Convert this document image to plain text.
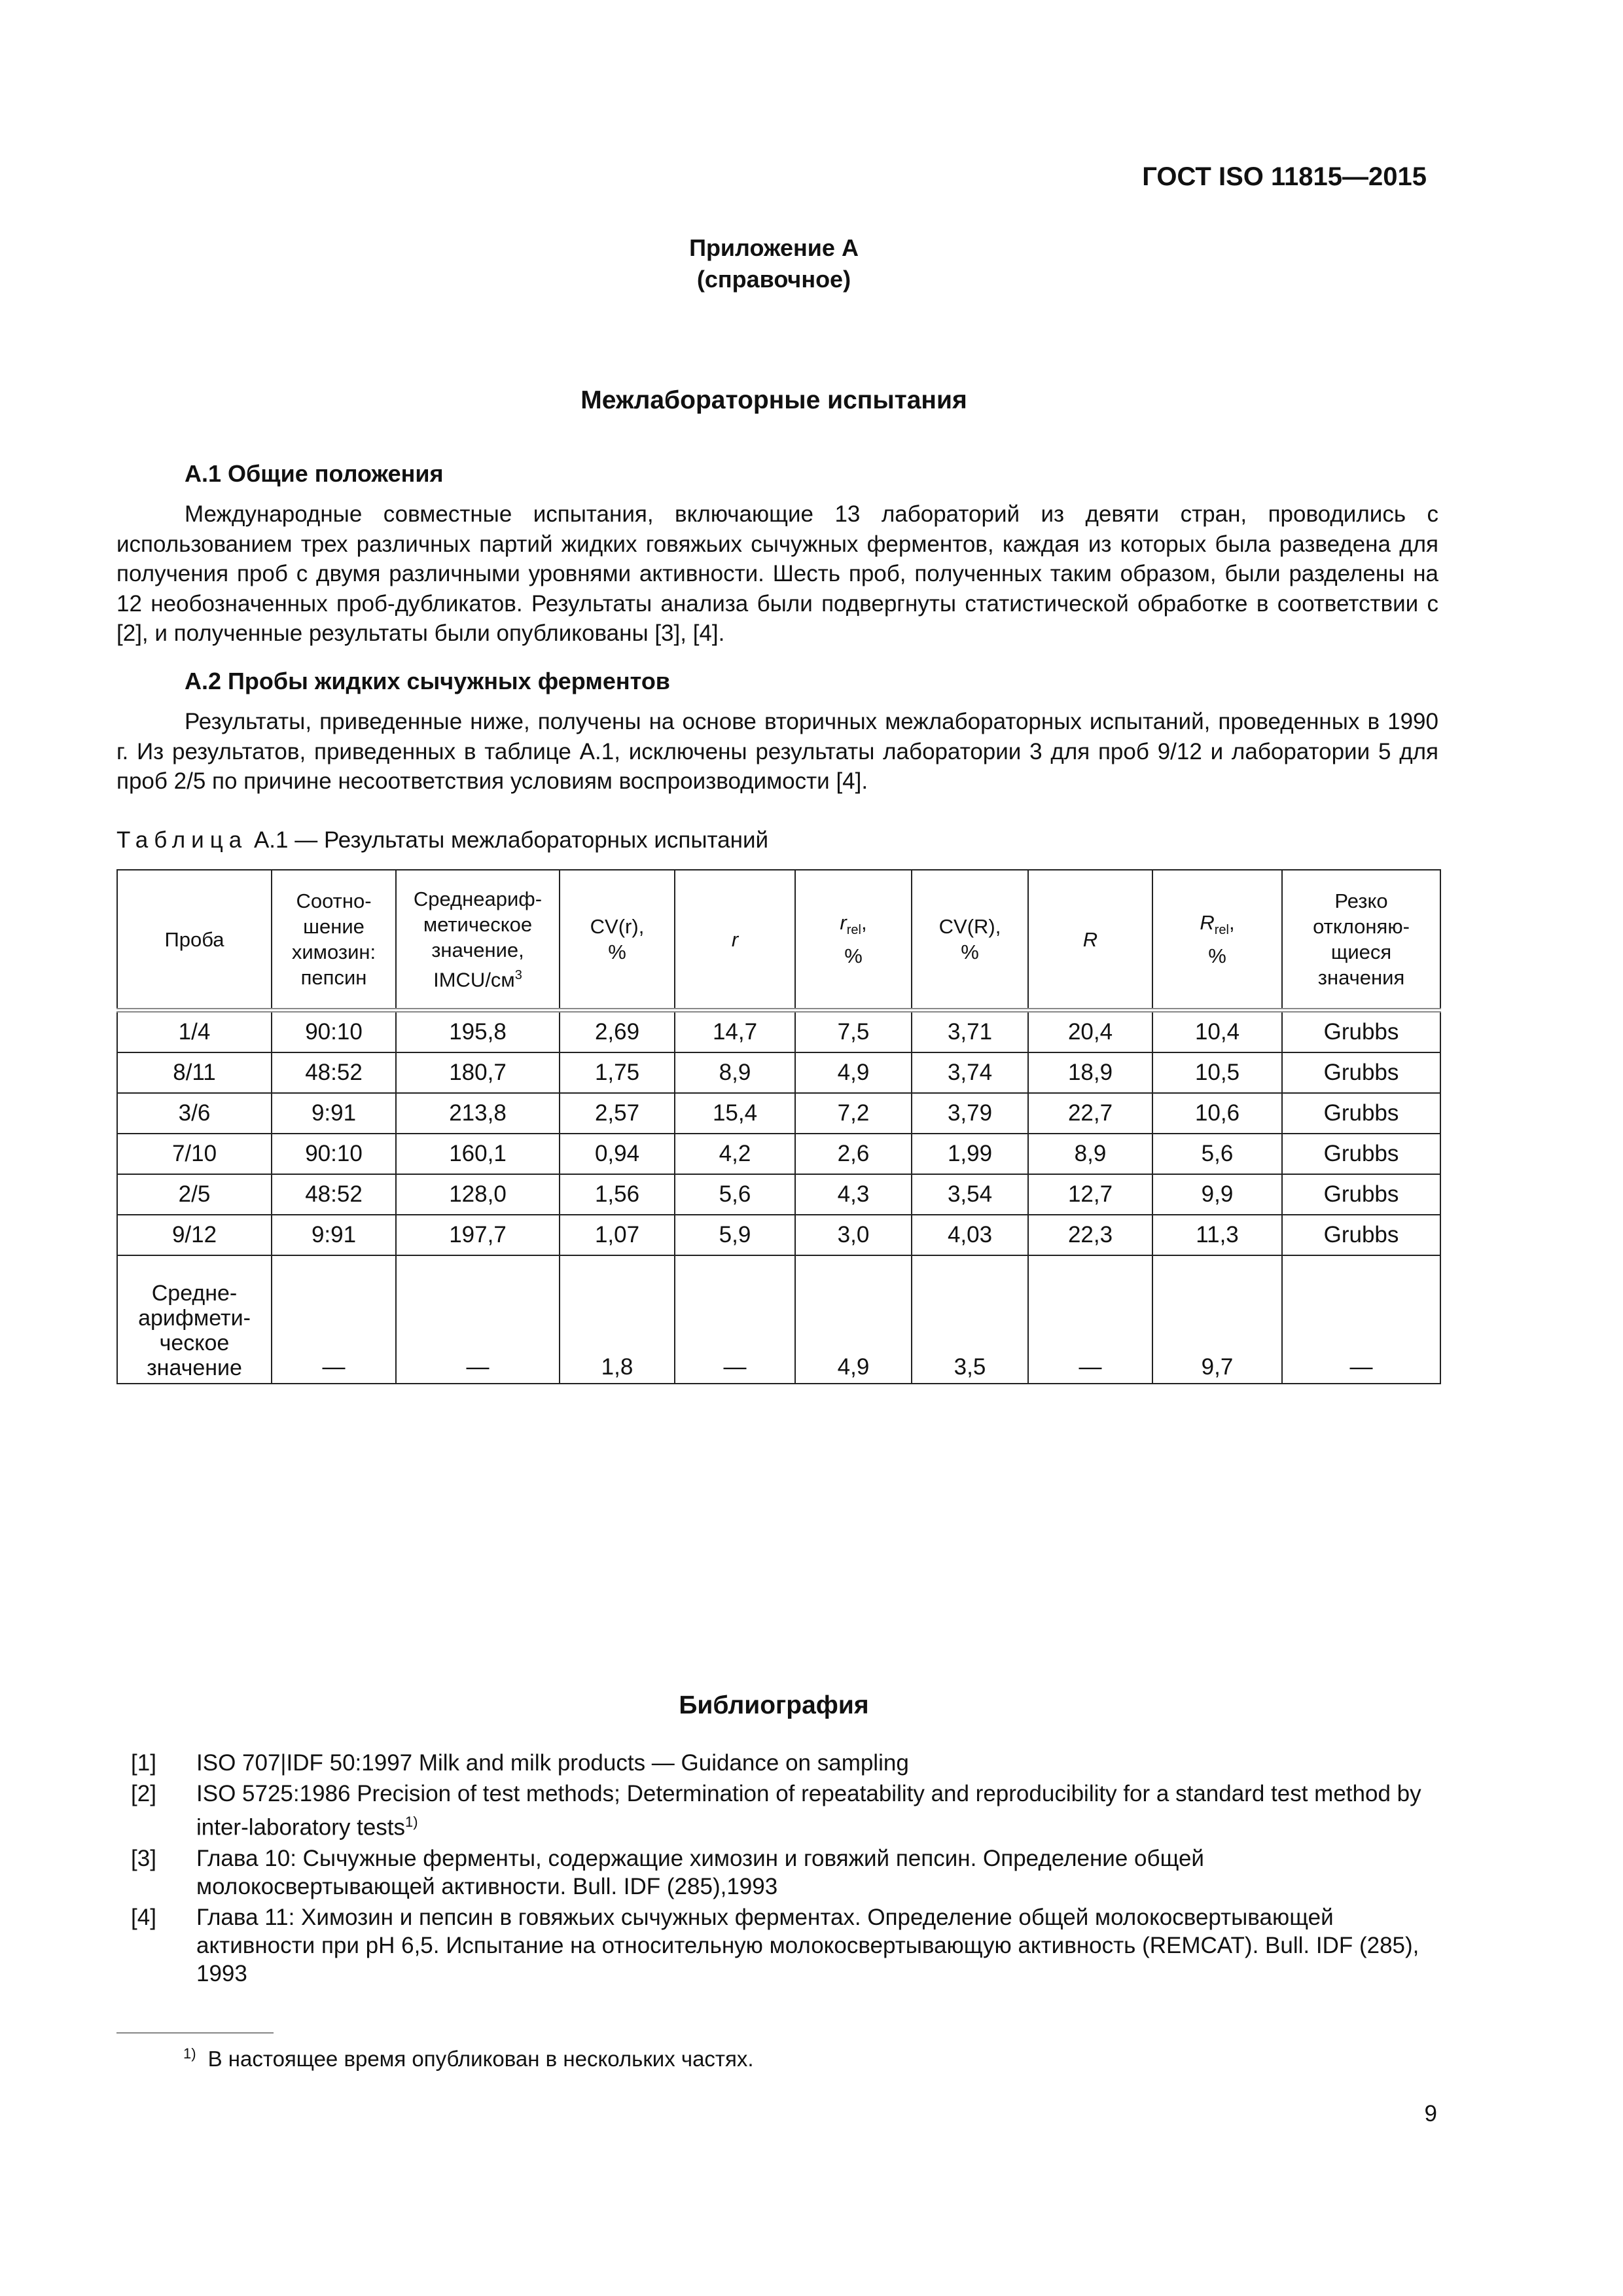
ГОСТ ISO 11815—2015
Приложение А
(справочное)
Межлабораторные испытания
А.1 Общие положения

Международные совместные испытания, включающие 13 лабораторий из девяти стран, проводились с использованием трех различных партий жидких говяжьих сычужных ферментов, каждая из которых была разведена для получения проб с двумя различными уровнями активности. Шесть проб, полученных таким образом, были разделены на 12 необозначенных проб-дубликатов. Результаты анализа были подвергнуты статистической обработке в соответствии с [2], и полученные результаты были опубликованы [3], [4].

А.2 Пробы жидких сычужных ферментов

Результаты, приведенные ниже, получены на основе вторичных межлабораторных испытаний, проведенных в 1990 г. Из результатов, приведенных в таблице А.1, исключены результаты лаборатории 3 для проб 9/12 и лаборатории 5 для проб 2/5 по причине несоответствия условиям воспроизводимости [4].

Таблица А.1 — Результаты межлабораторных испытаний
Проба	Соотно-
шение
химозин:
пепсин	Среднеариф-
метическое
значение,
IMCU/$см^3$	CV(r),
%	r	$r_{rel}$,
%	CV(R),
%	R	$R_{rel}$,
%	Резко
отклоняю-
щиеся
значения
1/4	90:10	195,8	2,69	14,7	7,5	3,71	20,4	10,4	Grubbs
8/11	48:52	180,7	1,75	8,9	4,9	3,74	18,9	10,5	Grubbs
3/6	9:91	213,8	2,57	15,4	7,2	3,79	22,7	10,6	Grubbs
7/10	90:10	160,1	0,94	4,2	2,6	1,99	8,9	5,6	Grubbs
2/5	48:52	128,0	1,56	5,6	4,3	3,54	12,7	9,9	Grubbs
9/12	9:91	197,7	1,07	5,9	3,0	4,03	22,3	11,3	Grubbs
Средне-
арифмети-
ческое
значение	—	—	1,8	—	4,9	3,5	—	9,7	—
Библиография
[1]	ISO 707|IDF 50:1997 Milk and milk products — Guidance on sampling
[2]	ISO 5725:1986 Precision of test methods; Determination of repeatability and reproducibility for a standard test method by inter-laboratory tests$^{1)}$
[3]	Глава 10: Сычужные ферменты, содержащие химозин и говяжий пепсин. Определение общей молокосвертывающей активности. Bull. IDF (285),1993
[4]	Глава 11: Химозин и пепсин в говяжьих сычужных ферментах. Определение общей молокосвертывающей активности при pH 6,5. Испытание на относительную молокосвертывающую активность (REMCAT). Bull. IDF (285), 1993
$^{1)}$ В настоящее время опубликован в нескольких частях.
9
